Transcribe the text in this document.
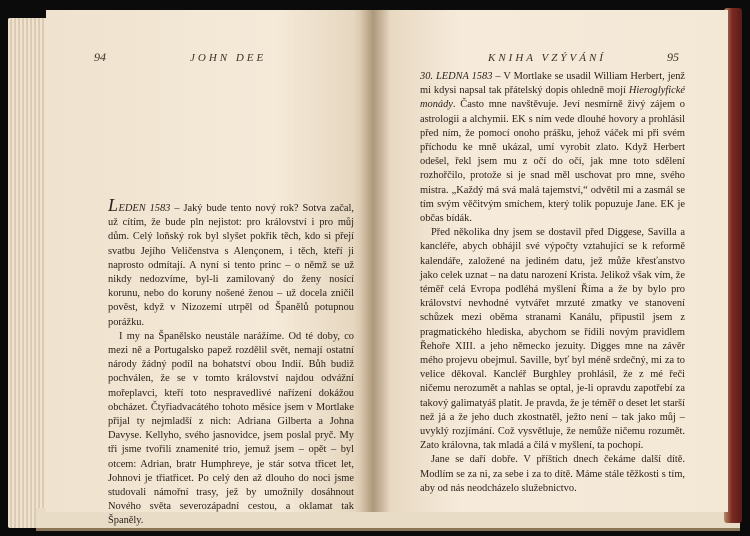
94	JOHN DEE

LEDEN 1583 – Jaký bude tento nový rok? Sotva začal, už cítím, že bude pln nejistot: pro království i pro můj dům. Celý loňský rok byl slyšet pokřik těch, kdo si přejí svatbu Jejího Veličenstva s Alençonem, i těch, kteří ji naprosto odmítají. A nyní si tento princ – o němž se už nikdy nedozvíme, byl-li zamilovaný do ženy nosící korunu, nebo do koruny nošené ženou – už docela zničil pověst, když v Nizozemí utrpěl od Španělů potupnou porážku.

I my na Španělsko neustále narážíme. Od té doby, co mezi ně a Portugalsko papež rozdělil svět, nemají ostatní národy žádný podíl na bohatství obou Indií. Bůh budiž pochválen, že se v tomto království najdou odvážní mořeplavci, kteří toto nespravedlivé nařízení dokážou obcházet. Čtyřiadvacátého tohoto měsíce jsem v Mortlake přijal ty nejmladší z nich: Adriana Gilberta a Johna Davyse. Kellyho, svého jasnovidce, jsem poslal pryč. My tři jsme tvořili znamenité trio, jemuž jsem – opět – byl otcem: Adrian, bratr Humphreye, je stár sotva třicet let, Johnovi je třiatřicet. Po celý den až dlouho do noci jsme studovali námořní trasy, jež by umožnily dosáhnout Nového světa severozápadní cestou, a oklamat tak Španěly.

KNIHA VZÝVÁNÍ	95

30. LEDNA 1583 – V Mortlake se usadil William Herbert, jenž mi kdysi napsal tak přátelský dopis ohledně mojí Hieroglyfické monády. Často mne navštěvuje. Jeví nesmírně živý zájem o astrologii a alchymii. EK s ním vede dlouhé hovory a prohlásil před ním, že pomocí onoho prášku, jehož váček mi při svém příchodu ke mně ukázal, umí vyrobit zlato. Když Herbert odešel, řekl jsem mu z očí do očí, jak mne toto sdělení rozhořčilo, protože si je snad měl uschovat pro mne, svého mistra. „Každý má svá malá tajemství,“ odvětil mi a zasmál se tím svým věčitvým smíchem, který tolik popuzuje Jane. EK je občas bídák.

Před několika dny jsem se dostavil před Diggese, Savilla a kancléře, abych obhájil své výpočty vztahující se k reformě kalendáře, založené na jediném datu, jež může křesťanstvo jako celek uznat – na datu narození Krista. Jelikož však vím, že téměř celá Evropa podléhá myšlení Říma a že by bylo pro království nevhodné vytvářet mrzuté zmatky ve stanovení schůzek mezi oběma stranami Kanálu, připustil jsem z pragmatického hlediska, abychom se řídili novým pravidlem Řehoře XIII. a jeho německo jezuity. Digges mne na závěr mého projevu obejmul. Saville, byť byl méně srdečný, mi za to velice děkoval. Kancléř Burghley prohlásil, že z mé řeči ničemu nerozumět a nahlas se optal, je-li opravdu zapotřebí za takový galimatyáš platit. Je pravda, že je téměř o deset let starší než já a že jeho duch zkostnatěl, ježto není – tak jako můj – uvyklý rozjímání. Což vysvětluje, že nemůže ničemu rozumět. Zato královna, tak mladá a čilá v myšlení, ta pochopí.

Jane se daří dobře. V příštích dnech čekáme další dítě. Modlím se za ni, za sebe i za to dítě. Máme stále těžkosti s tím, aby od nás neodcházelo služebnictvo.
